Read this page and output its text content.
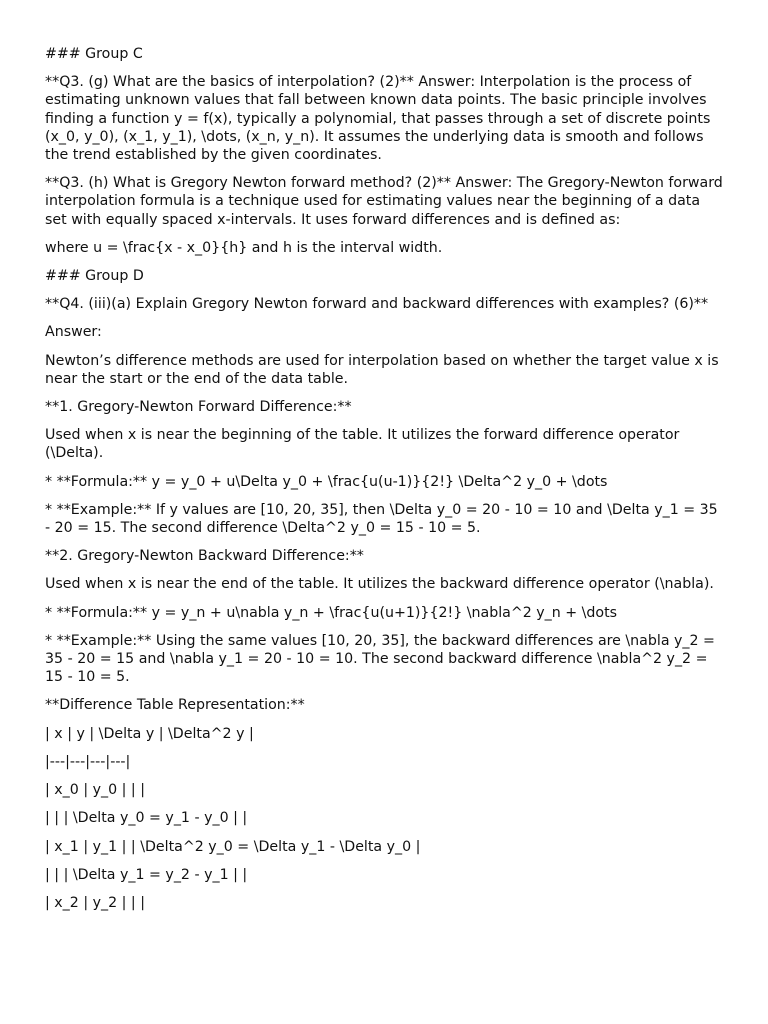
### Group C
**Q3. (g) What are the basics of interpolation? (2)** Answer: Interpolation is the process of estimating unknown values that fall between known data points. The basic principle involves finding a function y = f(x), typically a polynomial, that passes through a set of discrete points (x_0, y_0), (x_1, y_1), \dots, (x_n, y_n). It assumes the underlying data is smooth and follows the trend established by the given coordinates.
**Q3. (h) What is Gregory Newton forward method? (2)** Answer: The Gregory-Newton forward interpolation formula is a technique used for estimating values near the beginning of a data set with equally spaced x-intervals. It uses forward differences and is defined as:
where u = \frac{x - x_0}{h} and h is the interval width.
### Group D
**Q4. (iii)(a) Explain Gregory Newton forward and backward differences with examples? (6)**
Answer:
Newton’s difference methods are used for interpolation based on whether the target value x is near the start or the end of the data table.
**1. Gregory-Newton Forward Difference:**
Used when x is near the beginning of the table. It utilizes the forward difference operator (\Delta).
* **Formula:** y = y_0 + u\Delta y_0 + \frac{u(u-1)}{2!} \Delta^2 y_0 + \dots
* **Example:** If y values are [10, 20, 35], then \Delta y_0 = 20 - 10 = 10 and \Delta y_1 = 35 - 20 = 15. The second difference \Delta^2 y_0 = 15 - 10 = 5.
**2. Gregory-Newton Backward Difference:**
Used when x is near the end of the table. It utilizes the backward difference operator (\nabla).
* **Formula:** y = y_n + u\nabla y_n + \frac{u(u+1)}{2!} \nabla^2 y_n + \dots
* **Example:** Using the same values [10, 20, 35], the backward differences are \nabla y_2 = 35 - 20 = 15 and \nabla y_1 = 20 - 10 = 10. The second backward difference \nabla^2 y_2 = 15 - 10 = 5.
**Difference Table Representation:**
| x | y | \Delta y | \Delta^2 y |
|---|---|---|---|
| x_0 | y_0 | | |
| | | \Delta y_0 = y_1 - y_0 | |
| x_1 | y_1 | | \Delta^2 y_0 = \Delta y_1 - \Delta y_0 |
| | | \Delta y_1 = y_2 - y_1 | |
| x_2 | y_2 | | |
